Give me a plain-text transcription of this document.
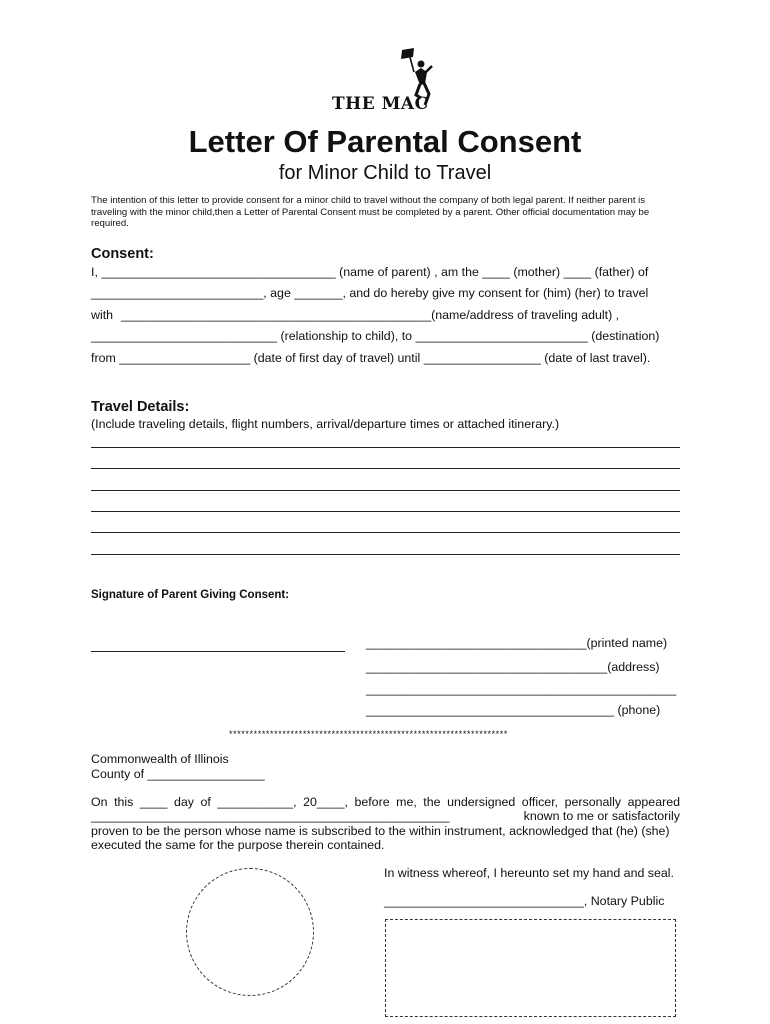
THE MAC
Letter Of Parental Consent
for Minor Child to Travel
The intention of this letter to provide consent for a minor child to travel without the company of both legal parent. If neither parent is traveling with the minor child,then a Letter of Parental Consent must be completed by a parent. Other official documentation may be required.
Consent:
I, __________________________________ (name of parent) , am the ____ (mother) ____ (father) of
_________________________, age _______, and do hereby give my consent for (him) (her) to travel
with _____________________________________________(name/address of traveling adult) ,
___________________________ (relationship to child), to _________________________ (destination)
from ___________________ (date of first day of travel) until _________________ (date of last travel).
Travel Details:
(Include traveling details, flight numbers, arrival/departure times or attached itinerary.)
Signature of Parent Giving Consent:
________________________________(printed name)
___________________________________(address)
_____________________________________________
____________________________________ (phone)
********************************************************************
Commonwealth of Illinois
County of _________________
On this ____ day of ___________, 20____, before me, the undersigned officer, personally appeared
____________________________________________________	known to me or satisfactorily
proven to be the person whose name is subscribed to the within instrument, acknowledged that (he) (she)
executed the same for the purpose therein contained.
In witness whereof, I hereunto set my hand and seal.
_____________________________, Notary Public
